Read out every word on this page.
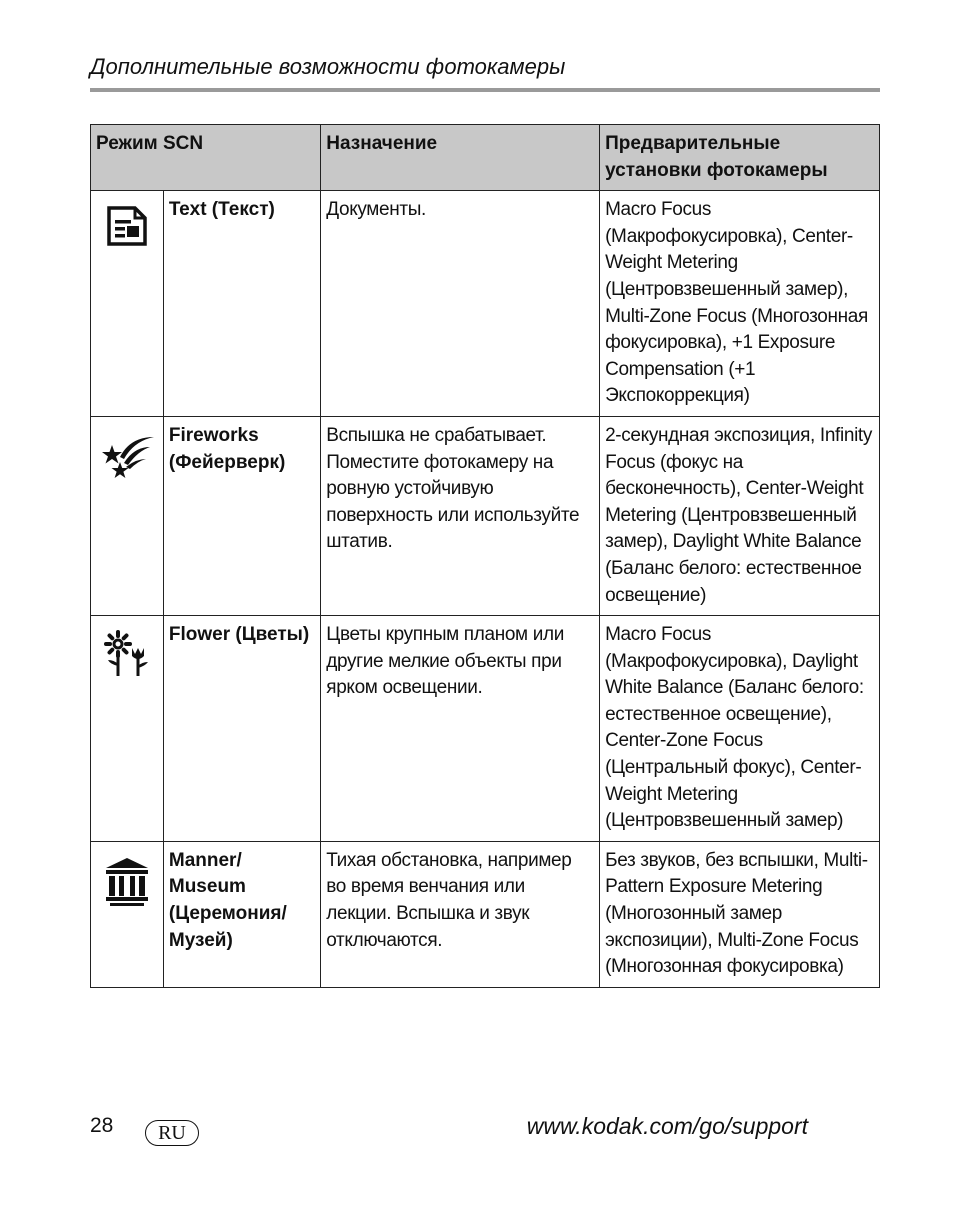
Дополнительные возможности фотокамеры
Режим SCN		Назначение	Предварительные установки фотокамеры

	Text (Текст)	Документы.	Macro Focus (Макрофокусировка), Center-Weight Metering (Центровзвешенный замер), Multi-Zone Focus (Многозонная фокусировка), +1 Exposure Compensation (+1 Экспокоррекция)

	Fireworks (Фейерверк)	Вспышка не срабатывает. Поместите фотокамеру на ровную устойчивую поверхность или используйте штатив.	2-секундная экспозиция, Infinity Focus (фокус на бесконечность), Center-Weight Metering (Центровзвешенный замер), Daylight White Balance (Баланс белого: естественное освещение)

	Flower (Цветы)	Цветы крупным планом или другие мелкие объекты при ярком освещении.	Macro Focus (Макрофокусировка), Daylight White Balance (Баланс белого: естественное освещение), Center-Zone Focus (Центральный фокус), Center-Weight Metering (Центровзвешенный замер)

	Manner/ Museum (Церемония/ Музей)	Тихая обстановка, например во время венчания или лекции. Вспышка и звук отключаются.	Без звуков, без вспышки, Multi-Pattern Exposure Metering (Многозонный замер экспозиции), Multi-Zone Focus (Многозонная фокусировка)
28	RU	www.kodak.com/go/support
